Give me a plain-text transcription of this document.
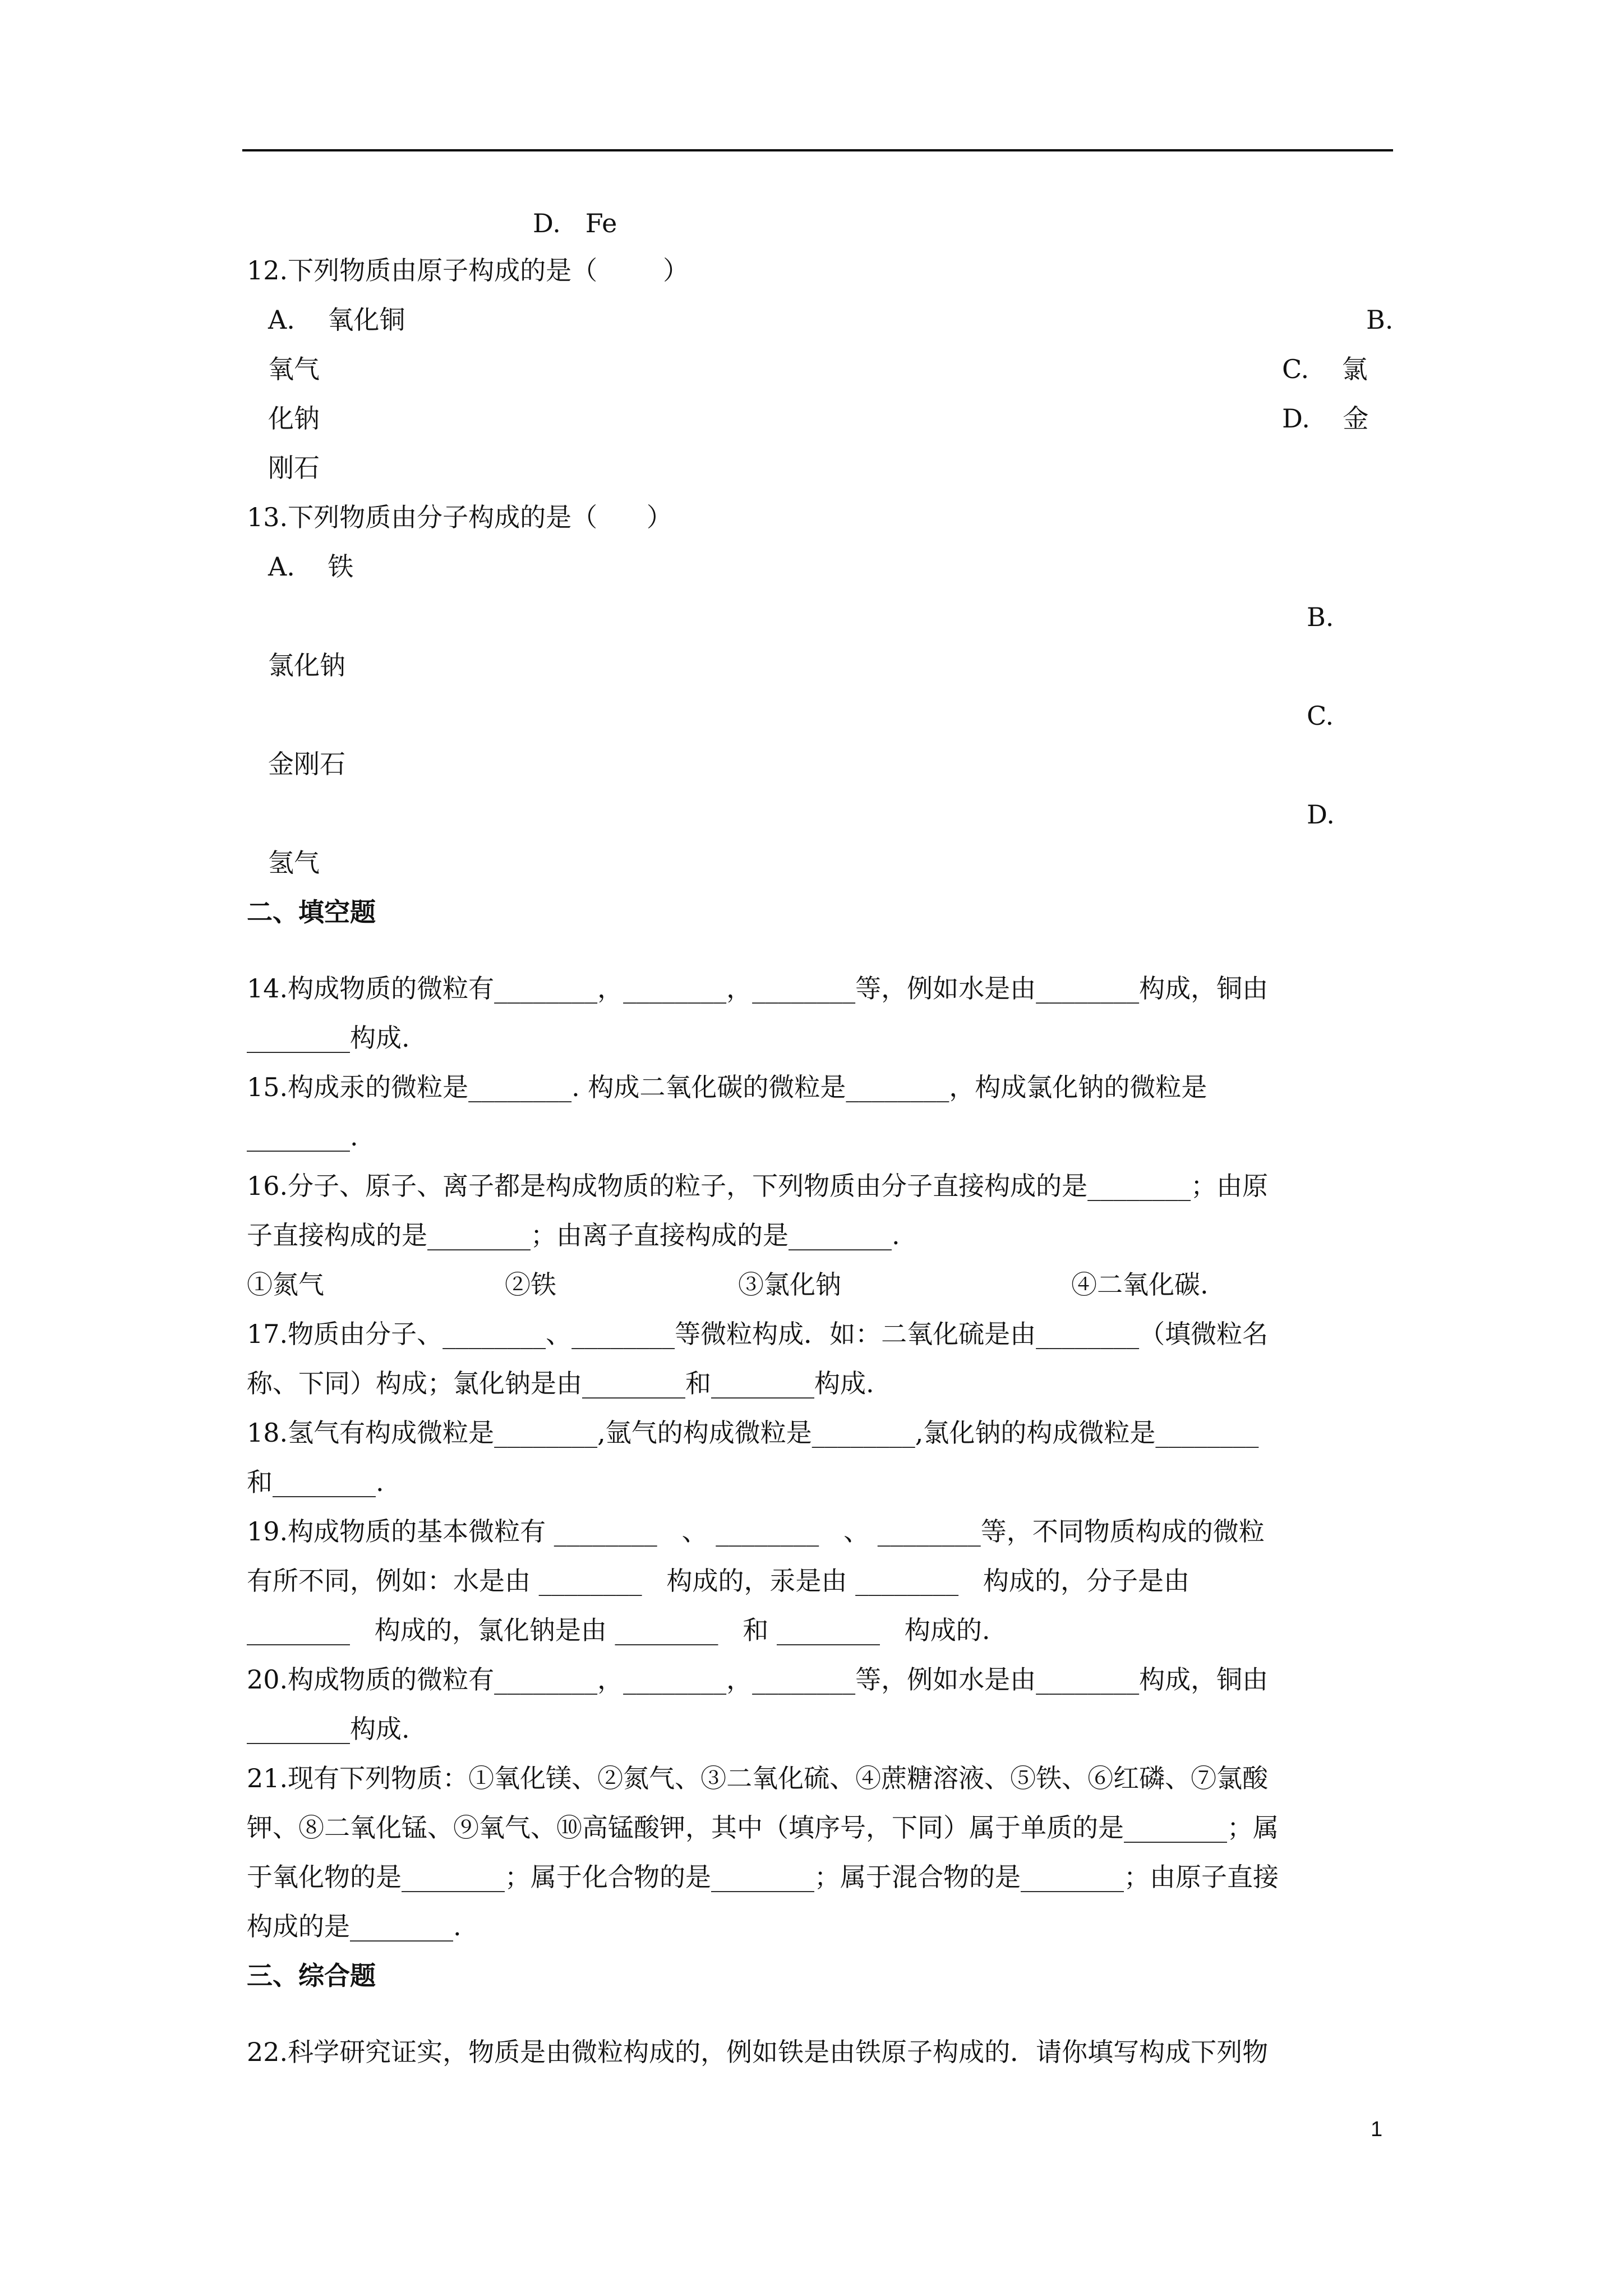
D.   Fe
12.下列物质由原子构成的是（        ）
A.    氧化铜	B.
氧气	C.    氯
化钠	D.    金
刚石
13.下列物质由分子构成的是（      ）
A.    铁
B.
氯化钠
C.
金刚石
D.
氢气
二、填空题
14.构成物质的微粒有________，________，________等，例如水是由________构成，铜由
________构成.
15.构成汞的微粒是________. 构成二氧化碳的微粒是________，构成氯化钠的微粒是
________.
16.分子、原子、离子都是构成物质的粒子，下列物质由分子直接构成的是________；由原
子直接构成的是________；由离子直接构成的是________.
①氮气	②铁	③氯化钠	④二氧化碳.
17.物质由分子、________、________等微粒构成．如：二氧化硫是由________（填微粒名
称、下同）构成；氯化钠是由________和________构成.
18.氢气有构成微粒是________,氩气的构成微粒是________,氯化钠的构成微粒是________
和________.
19.构成物质的基本微粒有 ________   、 ________   、 ________等，不同物质构成的微粒
有所不同，例如：水是由 ________   构成的，汞是由 ________   构成的，分子是由
________   构成的，氯化钠是由 ________   和 ________   构成的.
20.构成物质的微粒有________，________，________等，例如水是由________构成，铜由
________构成.
21.现有下列物质：①氧化镁、②氮气、③二氧化硫、④蔗糖溶液、⑤铁、⑥红磷、⑦氯酸
钾、⑧二氧化锰、⑨氧气、⑩高锰酸钾，其中（填序号，下同）属于单质的是________；属
于氧化物的是________；属于化合物的是________；属于混合物的是________；由原子直接
构成的是________.
三、综合题
22.科学研究证实，物质是由微粒构成的，例如铁是由铁原子构成的．请你填写构成下列物
1
